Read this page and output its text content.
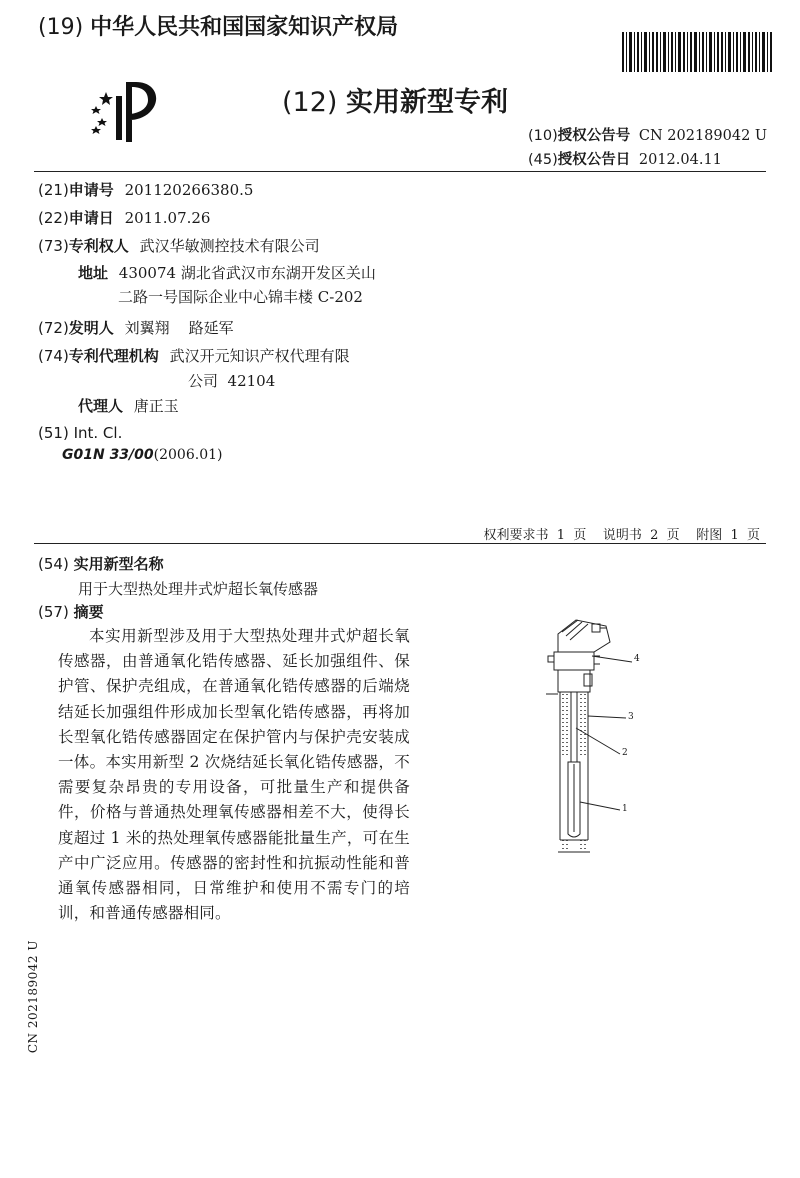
(19) 中华人民共和国国家知识产权局
(12) 实用新型专利
(10)授权公告号 CN 202189042 U
(45)授权公告日 2012.04.11
(21)申请号 201120266380.5
(22)申请日 2011.07.26
(73)专利权人 武汉华敏测控技术有限公司
地址 430074 湖北省武汉市东湖开发区关山
二路一号国际企业中心锦丰楼 C-202
(72)发明人 刘翼翔    路延军
(74)专利代理机构 武汉开元知识产权代理有限
公司  42104
代理人 唐正玉
(51) Int. Cl.
G01N 33/00(2006.01)
权利要求书  1  页    说明书  2  页    附图  1  页
(54) 实用新型名称
用于大型热处理井式炉超长氧传感器
(57) 摘要

本实用新型涉及用于大型热处理井式炉超长氧传感器，由普通氧化锆传感器、延长加强组件、保护管、保护壳组成，在普通氧化锆传感器的后端烧结延长加强组件形成加长型氧化锆传感器，再将加长型氧化锆传感器固定在保护管内与保护壳安装成一体。本实用新型 2 次烧结延长氧化锆传感器，不需要复杂昂贵的专用设备，可批量生产和提供备件，价格与普通热处理氧传感器相差不大，使得长度超过 1 米的热处理氧传感器能批量生产，可在生产中广泛应用。传感器的密封性和抗振动性能和普通氧传感器相同，日常维护和使用不需专门的培训，和普通传感器相同。

4
3
2
1
CN 202189042 U
